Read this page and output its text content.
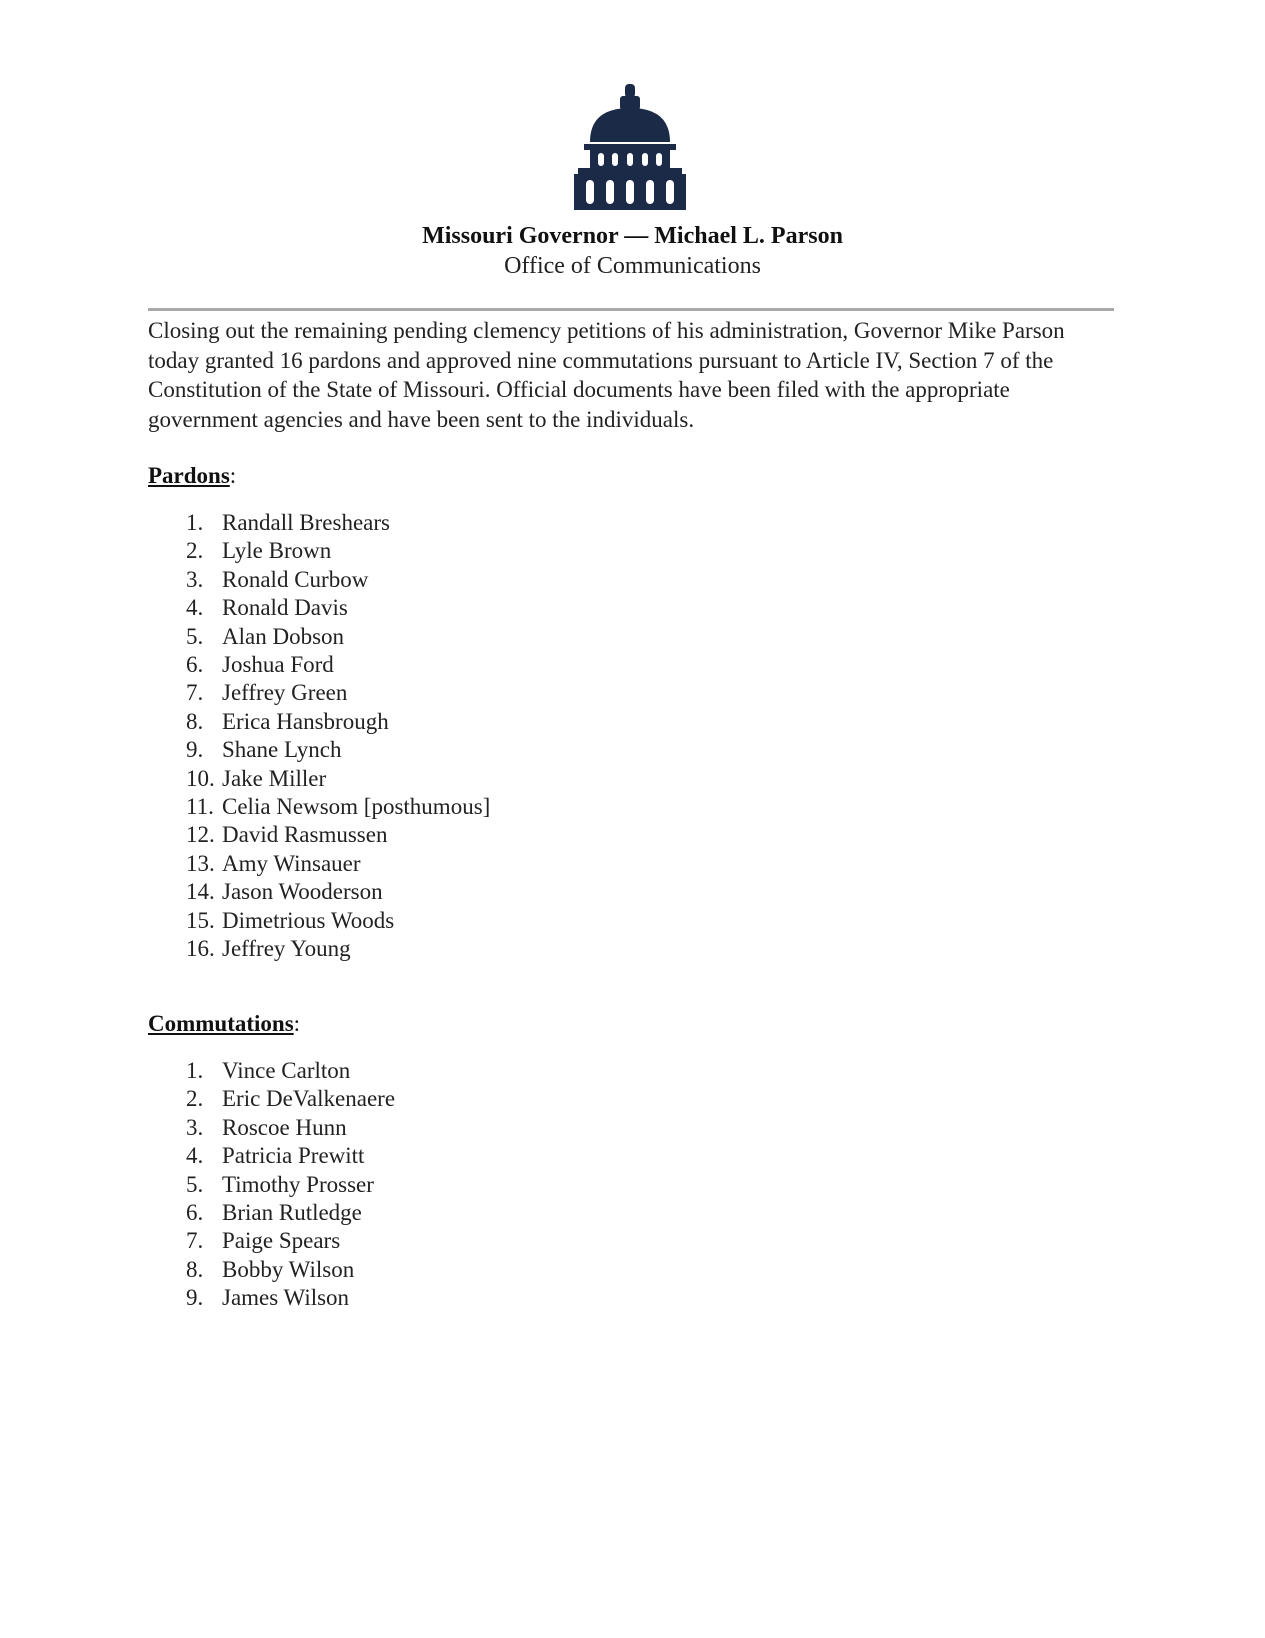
Missouri Governor — Michael L. Parson
Office of Communications

Closing out the remaining pending clemency petitions of his administration, Governor Mike Parson today granted 16 pardons and approved nine commutations pursuant to Article IV, Section 7 of the Constitution of the State of Missouri. Official documents have been filed with the appropriate government agencies and have been sent to the individuals.

Pardons:
1. Randall Breshears
2. Lyle Brown
3. Ronald Curbow
4. Ronald Davis
5. Alan Dobson
6. Joshua Ford
7. Jeffrey Green
8. Erica Hansbrough
9. Shane Lynch
10. Jake Miller
11. Celia Newsom [posthumous]
12. David Rasmussen
13. Amy Winsauer
14. Jason Wooderson
15. Dimetrious Woods
16. Jeffrey Young
Commutations:
1. Vince Carlton
2. Eric DeValkenaere
3. Roscoe Hunn
4. Patricia Prewitt
5. Timothy Prosser
6. Brian Rutledge
7. Paige Spears
8. Bobby Wilson
9. James Wilson
